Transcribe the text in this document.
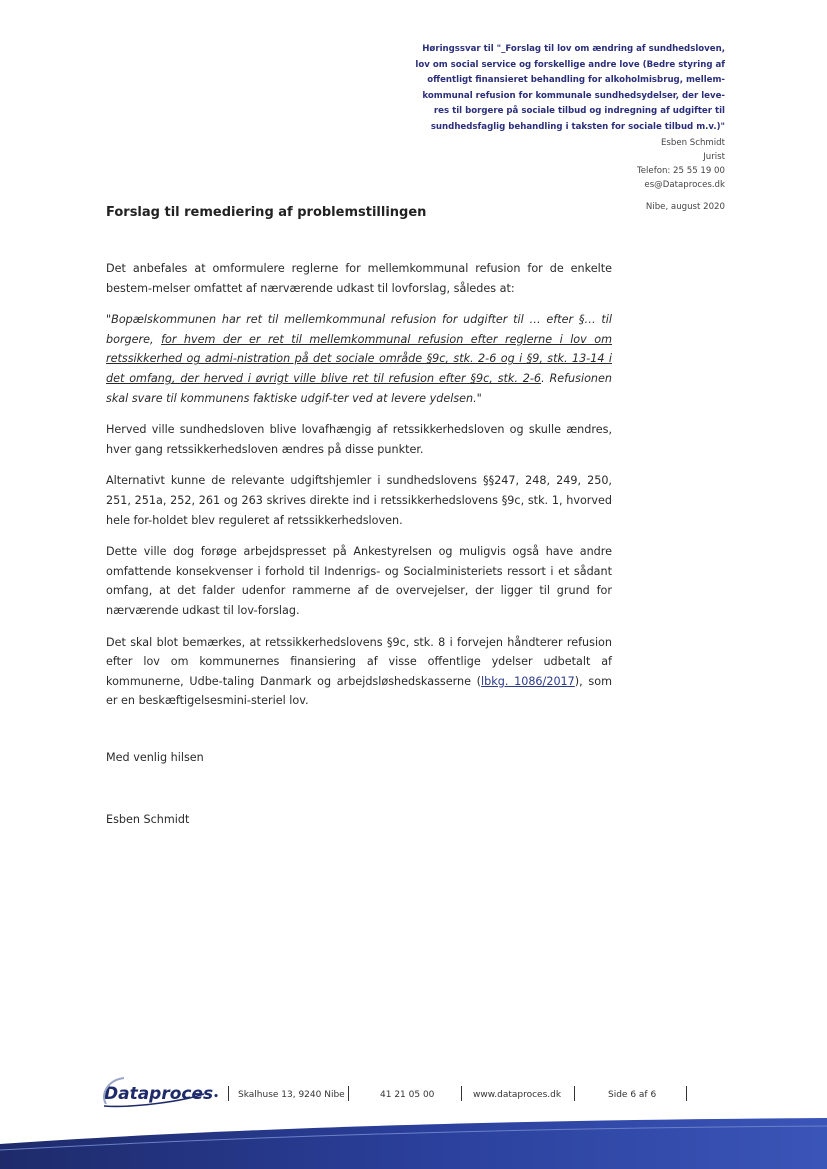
Høringssvar til "_Forslag til lov om ændring af sundhedsloven,
lov om social service og forskellige andre love (Bedre styring af
offentligt finansieret behandling for alkoholmisbrug, mellem-
kommunal refusion for kommunale sundhedsydelser, der leve-
res til borgere på sociale tilbud og indregning af udgifter til
sundhedsfaglig behandling i taksten for sociale tilbud m.v.)"
Esben Schmidt
Jurist
Telefon: 25 55 19 00
es@Dataproces.dk
Nibe, august 2020
Forslag til remediering af problemstillingen

Det anbefales at omformulere reglerne for mellemkommunal refusion for de enkelte bestem-melser omfattet af nærværende udkast til lovforslag, således at:

"Bopælskommunen har ret til mellemkommunal refusion for udgifter til … efter §… til borgere, for hvem der er ret til mellemkommunal refusion efter reglerne i lov om retssikkerhed og admi-nistration på det sociale område §9c, stk. 2-6 og i §9, stk. 13-14 i det omfang, der herved i øvrigt ville blive ret til refusion efter §9c, stk. 2-6. Refusionen skal svare til kommunens faktiske udgif-ter ved at levere ydelsen."

Herved ville sundhedsloven blive lovafhængig af retssikkerhedsloven og skulle ændres, hver gang retssikkerhedsloven ændres på disse punkter.

Alternativt kunne de relevante udgiftshjemler i sundhedslovens §§247, 248, 249, 250, 251, 251a, 252, 261 og 263 skrives direkte ind i retssikkerhedslovens §9c, stk. 1, hvorved hele for-holdet blev reguleret af retssikkerhedsloven.

Dette ville dog forøge arbejdspresset på Ankestyrelsen og muligvis også have andre omfattende konsekvenser i forhold til Indenrigs- og Socialministeriets ressort i et sådant omfang, at det falder udenfor rammerne af de overvejelser, der ligger til grund for nærværende udkast til lov-forslag.

Det skal blot bemærkes, at retssikkerhedslovens §9c, stk. 8 i forvejen håndterer refusion efter lov om kommunernes finansiering af visse offentlige ydelser udbetalt af kommunerne, Udbe-taling Danmark og arbejdsløshedskasserne (lbkg. 1086/2017), som er en beskæftigelsesmini-steriel lov.

Med venlig hilsen
Esben Schmidt
Dataproces• Skalhuse 13, 9240 Nibe	41 21 05 00	www.dataproces.dk	Side 6 af 6
